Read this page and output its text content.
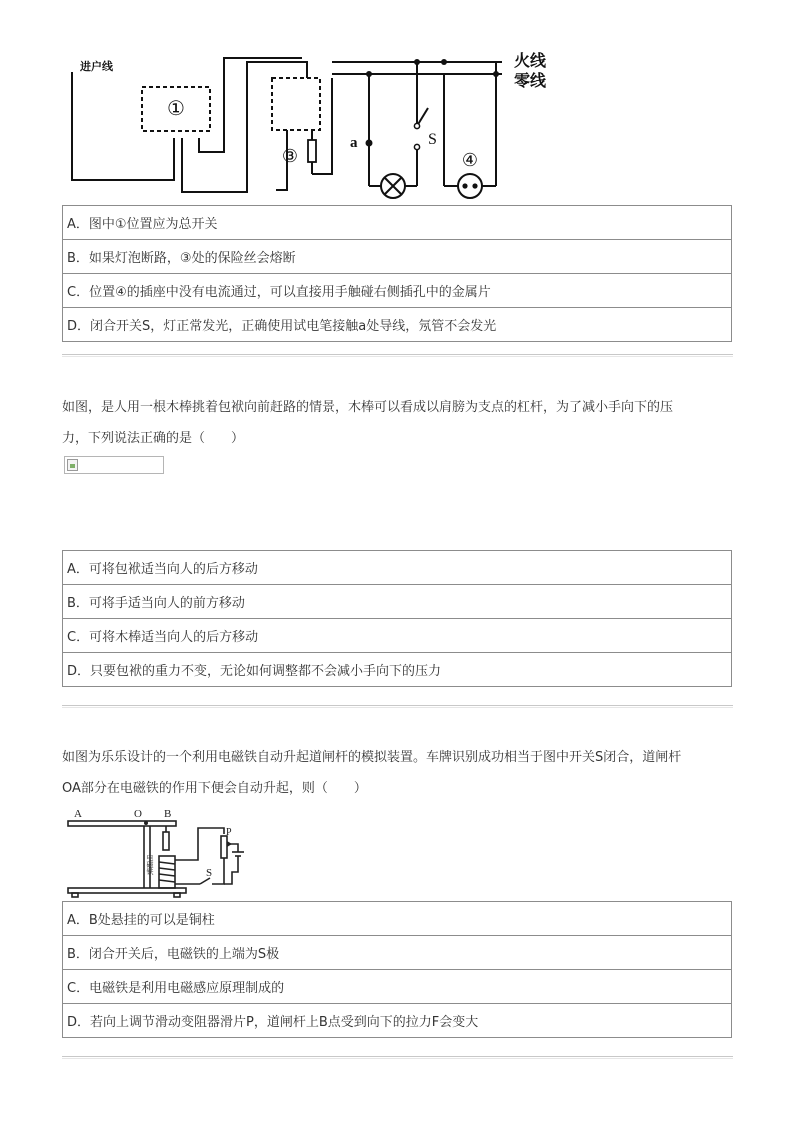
进户线	火线
零线
①
③	④
a	S
A．图中①位置应为总开关
B．如果灯泡断路，③处的保险丝会熔断
C．位置④的插座中没有电流通过，可以直接用手触碰右侧插孔中的金属片
D．闭合开关S，灯正常发光，正确使用试电笔接触a处导线，氖管不会发光
如图，是人用一根木棒挑着包袱向前赶路的情景，木棒可以看成以肩膀为支点的杠杆，为了减小手向下的压
力，下列说法正确的是（　　）
A．可将包袱适当向人的后方移动
B．可将手适当向人的前方移动
C．可将木棒适当向人的后方移动
D．只要包袱的重力不变，无论如何调整都不会减小手向下的压力
如图为乐乐设计的一个利用电磁铁自动升起道闸杆的模拟装置。车牌识别成功相当于图中开关S闭合，道闸杆
OA部分在电磁铁的作用下便会自动升起，则（　　）
A	O B
P
S
电磁铁
A．B处悬挂的可以是铜柱
B．闭合开关后，电磁铁的上端为S极
C．电磁铁是利用电磁感应原理制成的
D．若向上调节滑动变阻器滑片P，道闸杆上B点受到向下的拉力F会变大
